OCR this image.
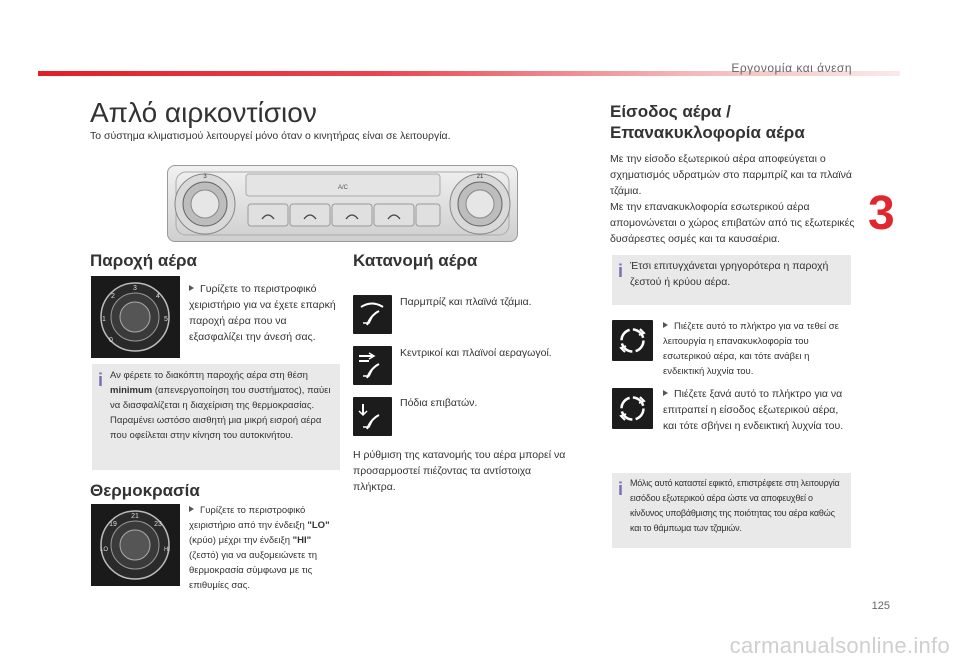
Εργονομία και άνεση
3
125
carmanualsonline.info
Απλό αιρκοντίσιον
Το σύστημα κλιματισμού λειτουργεί μόνο όταν ο κινητήρας είναι σε λειτουργία.
3	21
A/C
Παροχή αέρα
3
2	4
1	5
0
Γυρίζετε το περιστροφικό χειριστήριο για να έχετε επαρκή παροχή αέρα που να εξασφαλίζει την άνεσή σας.
i Αν φέρετε το διακόπτη παροχής αέρα στη θέση minimum (απενεργοποίηση του συστήματος), παύει να διασφαλίζεται η διαχείριση της θερμοκρασίας. Παραμένει ωστόσο αισθητή μια μικρή εισροή αέρα που οφείλεται στην κίνηση του αυτοκινήτου.
Θερμοκρασία
21
19	23
LO	HI
Γυρίζετε το περιστροφικό χειριστήριο από την ένδειξη "LO" (κρύο) μέχρι την ένδειξη "HI" (ζεστό) για να αυξομειώνετε τη θερμοκρασία σύμφωνα με τις επιθυμίες σας.
Κατανομή αέρα
Παρμπρίζ και πλαϊνά τζάμια.
Κεντρικοί και πλαϊνοί αεραγωγοί.
Πόδια επιβατών.
Η ρύθμιση της κατανομής του αέρα μπορεί να προσαρμοστεί πιέζοντας τα αντίστοιχα πλήκτρα.
Είσοδος αέρα / Επανακυκλοφορία αέρα
Με την είσοδο εξωτερικού αέρα αποφεύγεται ο σχηματισμός υδρατμών στο παρμπρίζ και τα πλαϊνά τζάμια.
Με την επανακυκλοφορία εσωτερικού αέρα απομονώνεται ο χώρος επιβατών από τις εξωτερικές δυσάρεστες οσμές και τα καυσαέρια.
i Έτσι επιτυγχάνεται γρηγορότερα η παροχή ζεστού ή κρύου αέρα.
Πιέζετε αυτό το πλήκτρο για να τεθεί σε λειτουργία η επανακυκλοφορία του εσωτερικού αέρα, και τότε ανάβει η ενδεικτική λυχνία του.
Πιέζετε ξανά αυτό το πλήκτρο για να επιτραπεί η είσοδος εξωτερικού αέρα, και τότε σβήνει η ενδεικτική λυχνία του.
i Μόλις αυτό καταστεί εφικτό, επιστρέφετε στη λειτουργία εισόδου εξωτερικού αέρα ώστε να αποφευχθεί ο κίνδυνος υποβάθμισης της ποιότητας του αέρα καθώς και το θάμπωμα των τζαμιών.
